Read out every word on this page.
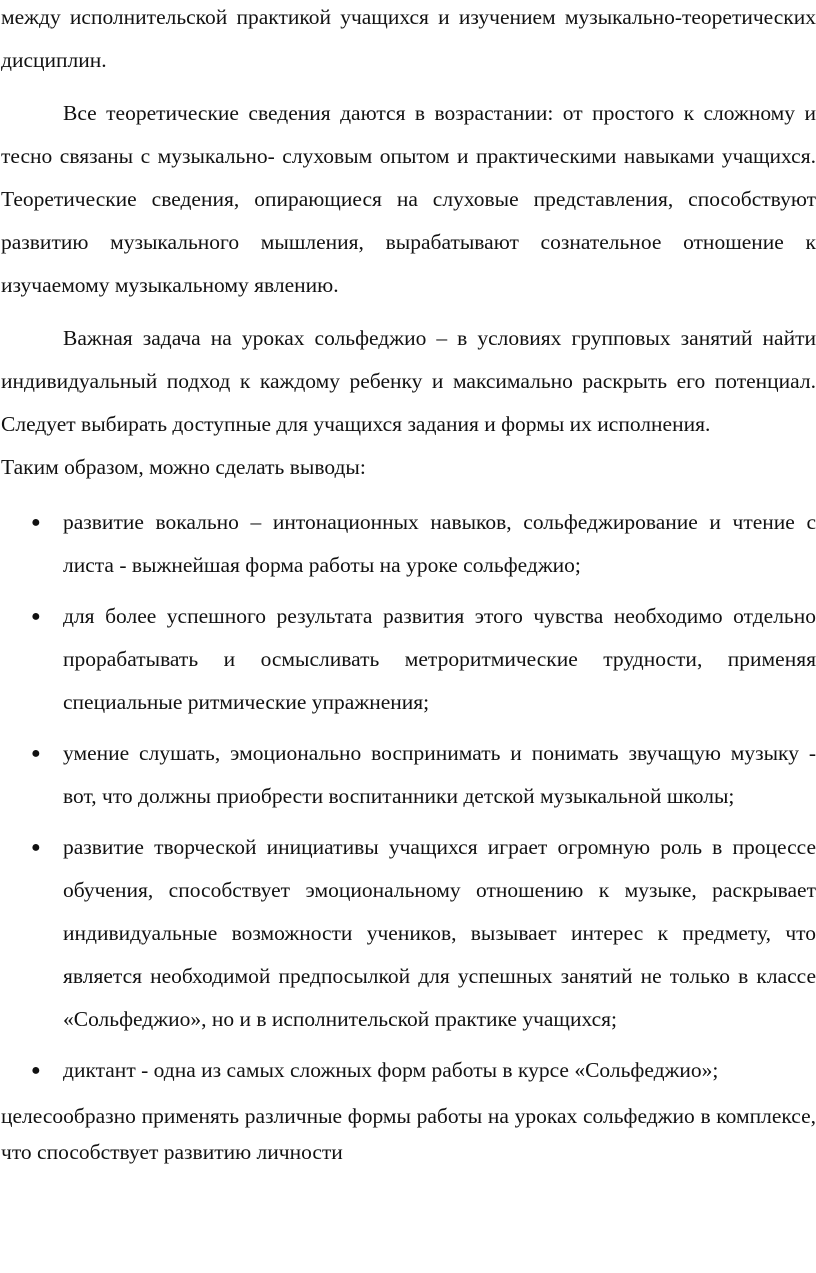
между исполнительской практикой учащихся и изучением музыкально-теоретических дисциплин.

Все теоретические сведения даются в возрастании: от простого к сложному и тесно связаны с музыкально- слуховым опытом и практическими навыками учащихся. Теоретические сведения, опирающиеся на слуховые представления, способствуют развитию музыкального мышления, вырабатывают сознательное отношение к изучаемому музыкальному явлению.

Важная задача на уроках сольфеджио – в условиях групповых занятий найти индивидуальный подход к каждому ребенку и максимально раскрыть его потенциал. Следует выбирать доступные для учащихся задания и формы их исполнения.

Таким образом, можно сделать выводы:

● развитие вокально – интонационных навыков, сольфеджирование и чтение с листа - выжнейшая форма работы на уроке сольфеджио;
● для более успешного результата развития этого чувства необходимо отдельно прорабатывать и осмысливать метроритмические трудности, применяя специальные ритмические упражнения;
● умение слушать, эмоционально воспринимать и понимать звучащую музыку - вот, что должны приобрести воспитанники детской музыкальной школы;
● развитие творческой инициативы учащихся играет огромную роль в процессе обучения, способствует эмоциональному отношению к музыке, раскрывает индивидуальные возможности учеников, вызывает интерес к предмету, что является необходимой предпосылкой для успешных занятий не только в классе «Сольфеджио», но и в исполнительской практике учащихся;
● диктант - одна из самых сложных форм работы в курсе «Сольфеджио»;

целесообразно применять различные формы работы на уроках сольфеджио в комплексе, что способствует развитию личности
